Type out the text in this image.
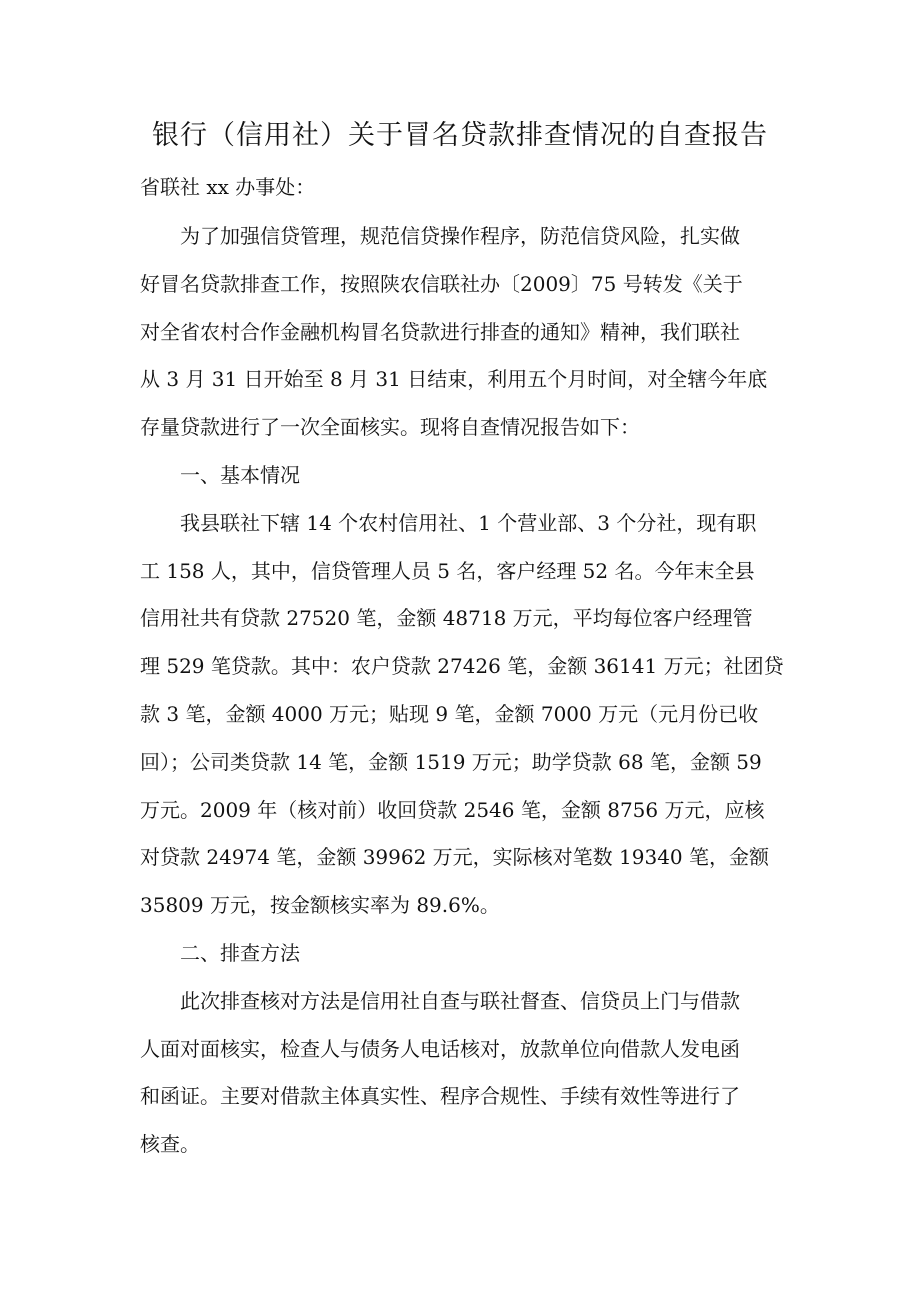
银行（信用社）关于冒名贷款排查情况的自查报告

省联社 xx 办事处：

为了加强信贷管理，规范信贷操作程序，防范信贷风险，扎实做

好冒名贷款排查工作，按照陕农信联社办〔2009〕75 号转发《关于

对全省农村合作金融机构冒名贷款进行排查的通知》精神，我们联社

从 3 月 31 日开始至 8 月 31 日结束，利用五个月时间，对全辖今年底

存量贷款进行了一次全面核实。现将自查情况报告如下：

一、基本情况

我县联社下辖 14 个农村信用社、1 个营业部、3 个分社，现有职

工 158 人，其中，信贷管理人员 5 名，客户经理 52 名。今年末全县

信用社共有贷款 27520 笔，金额 48718 万元，平均每位客户经理管

理 529 笔贷款。其中：农户贷款 27426 笔，金额 36141 万元；社团贷

款 3 笔，金额 4000 万元；贴现 9 笔，金额 7000 万元（元月份已收

回）；公司类贷款 14 笔，金额 1519 万元；助学贷款 68 笔，金额 59

万元。2009 年（核对前）收回贷款 2546 笔，金额 8756 万元，应核

对贷款 24974 笔，金额 39962 万元，实际核对笔数 19340 笔，金额

35809 万元，按金额核实率为 89.6%。

二、排查方法

此次排查核对方法是信用社自查与联社督查、信贷员上门与借款

人面对面核实，检查人与债务人电话核对，放款单位向借款人发电函

和函证。主要对借款主体真实性、程序合规性、手续有效性等进行了

核查。
